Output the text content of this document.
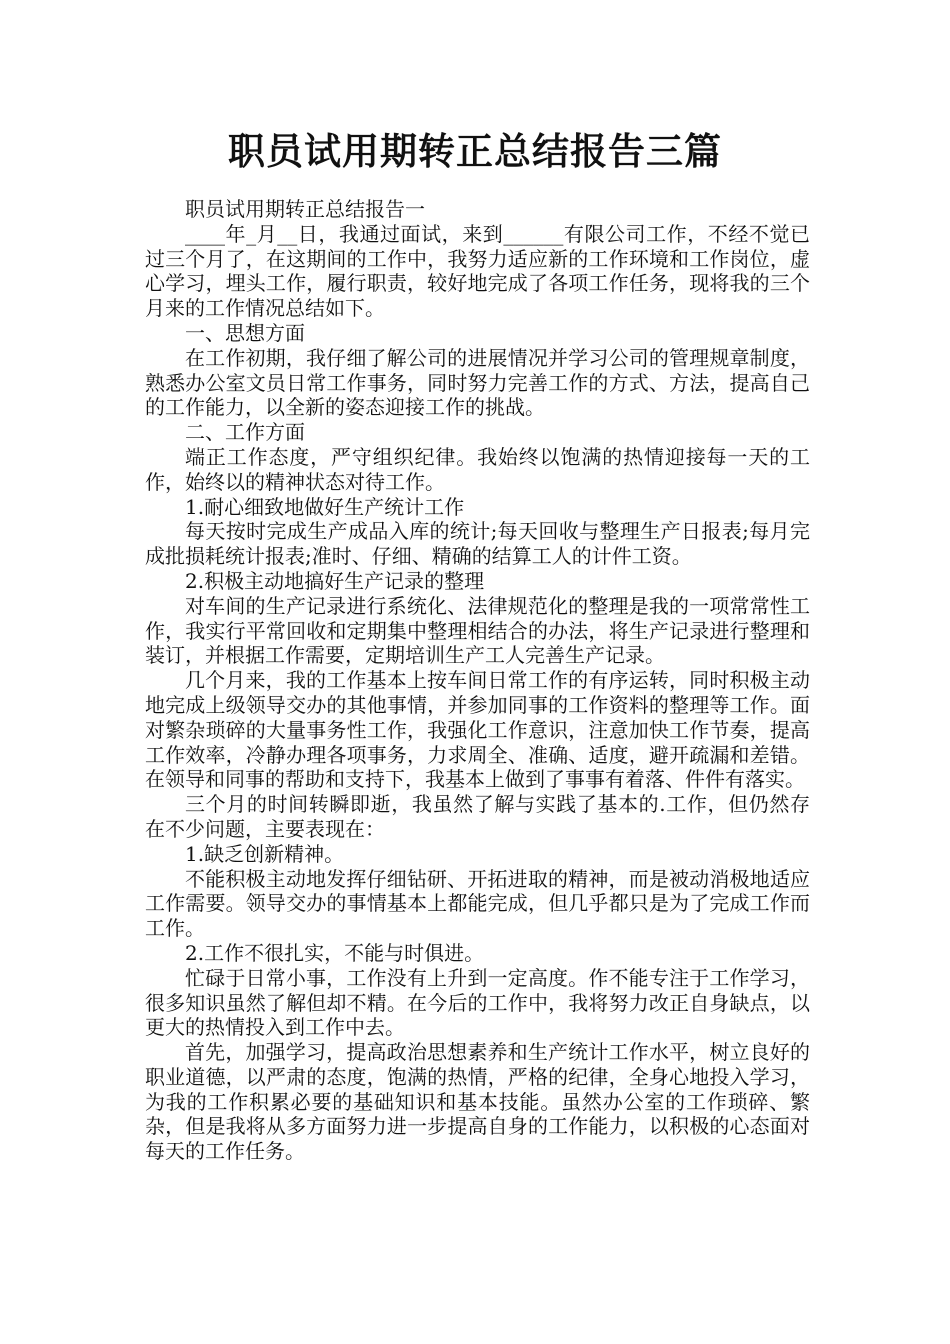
职员试用期转正总结报告三篇

职员试用期转正总结报告一

____年_月__日，我通过面试，来到______有限公司工作，不经不觉已过三个月了，在这期间的工作中，我努力适应新的工作环境和工作岗位，虚心学习，埋头工作，履行职责，较好地完成了各项工作任务，现将我的三个月来的工作情况总结如下。

一、思想方面

在工作初期，我仔细了解公司的进展情况并学习公司的管理规章制度，熟悉办公室文员日常工作事务，同时努力完善工作的方式、方法，提高自己的工作能力，以全新的姿态迎接工作的挑战。

二、工作方面

端正工作态度，严守组织纪律。我始终以饱满的热情迎接每一天的工作，始终以的精神状态对待工作。

1.耐心细致地做好生产统计工作

每天按时完成生产成品入库的统计;每天回收与整理生产日报表;每月完成批损耗统计报表;准时、仔细、精确的结算工人的计件工资。

2.积极主动地搞好生产记录的整理

对车间的生产记录进行系统化、法律规范化的整理是我的一项常常性工作，我实行平常回收和定期集中整理相结合的办法，将生产记录进行整理和装订，并根据工作需要，定期培训生产工人完善生产记录。

几个月来，我的工作基本上按车间日常工作的有序运转，同时积极主动地完成上级领导交办的其他事情，并参加同事的工作资料的整理等工作。面对繁杂琐碎的大量事务性工作，我强化工作意识，注意加快工作节奏，提高工作效率，冷静办理各项事务，力求周全、准确、适度，避开疏漏和差错。在领导和同事的帮助和支持下，我基本上做到了事事有着落、件件有落实。

三个月的时间转瞬即逝，我虽然了解与实践了基本的.工作，但仍然存在不少问题，主要表现在：

1.缺乏创新精神。

不能积极主动地发挥仔细钻研、开拓进取的精神，而是被动消极地适应工作需要。领导交办的事情基本上都能完成，但几乎都只是为了完成工作而工作。

2.工作不很扎实，不能与时俱进。

忙碌于日常小事，工作没有上升到一定高度。作不能专注于工作学习，很多知识虽然了解但却不精。在今后的工作中，我将努力改正自身缺点，以更大的热情投入到工作中去。

首先，加强学习，提高政治思想素养和生产统计工作水平，树立良好的职业道德，以严肃的态度，饱满的热情，严格的纪律，全身心地投入学习，为我的工作积累必要的基础知识和基本技能。虽然办公室的工作琐碎、繁杂，但是我将从多方面努力进一步提高自身的工作能力，以积极的心态面对每天的工作任务。
